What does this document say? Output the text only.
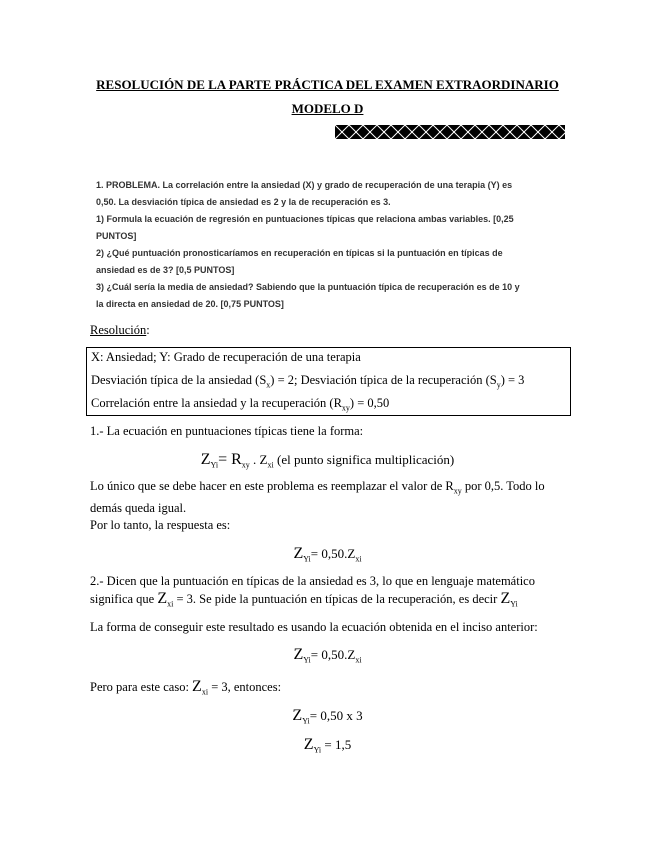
RESOLUCIÓN DE LA PARTE PRÁCTICA DEL EXAMEN EXTRAORDINARIO
MODELO D
1. PROBLEMA. La correlación entre la ansiedad (X) y grado de recuperación de una terapia (Y) es
0,50. La desviación típica de ansiedad es 2 y la de recuperación es 3.
1) Formula la ecuación de regresión en puntuaciones típicas que relaciona ambas variables. [0,25
PUNTOS]
2) ¿Qué puntuación pronosticaríamos en recuperación en típicas si la puntuación en típicas de
ansiedad es de 3? [0,5 PUNTOS]
3) ¿Cuál sería la media de ansiedad? Sabiendo que la puntuación típica de recuperación es de 10 y
la directa en ansiedad de 20. [0,75 PUNTOS]
Resolución:
X: Ansiedad; Y: Grado de recuperación de una terapia
Desviación típica de la ansiedad $(S_x) = 2$; Desviación típica de la recuperación $(S_y) = 3$
Correlación entre la ansiedad y la recuperación $(R_{xy}) = 0,50$
1.- La ecuación en puntuaciones típicas tiene la forma:
$Z_{Yi}= R_{xy}$ . $Z_{xi}$ (el punto significa multiplicación)
Lo único que se debe hacer en este problema es reemplazar el valor de $R_{xy}$ por 0,5. Todo lo
demás queda igual.
Por lo tanto, la respuesta es:
$Z_{Yi}= 0,50.Z_{xi}$
2.- Dicen que la puntuación en típicas de la ansiedad es 3, lo que en lenguaje matemático
significa que $Z_{xi} = 3$. Se pide la puntuación en típicas de la recuperación, es decir $Z_{Yi}$
La forma de conseguir este resultado es usando la ecuación obtenida en el inciso anterior:
$Z_{Yi}= 0,50.Z_{xi}$
Pero para este caso: $Z_{xi} = 3$, entonces:
$Z_{Yi}= 0,50$ x 3
$Z_{Yi} = 1,5$
